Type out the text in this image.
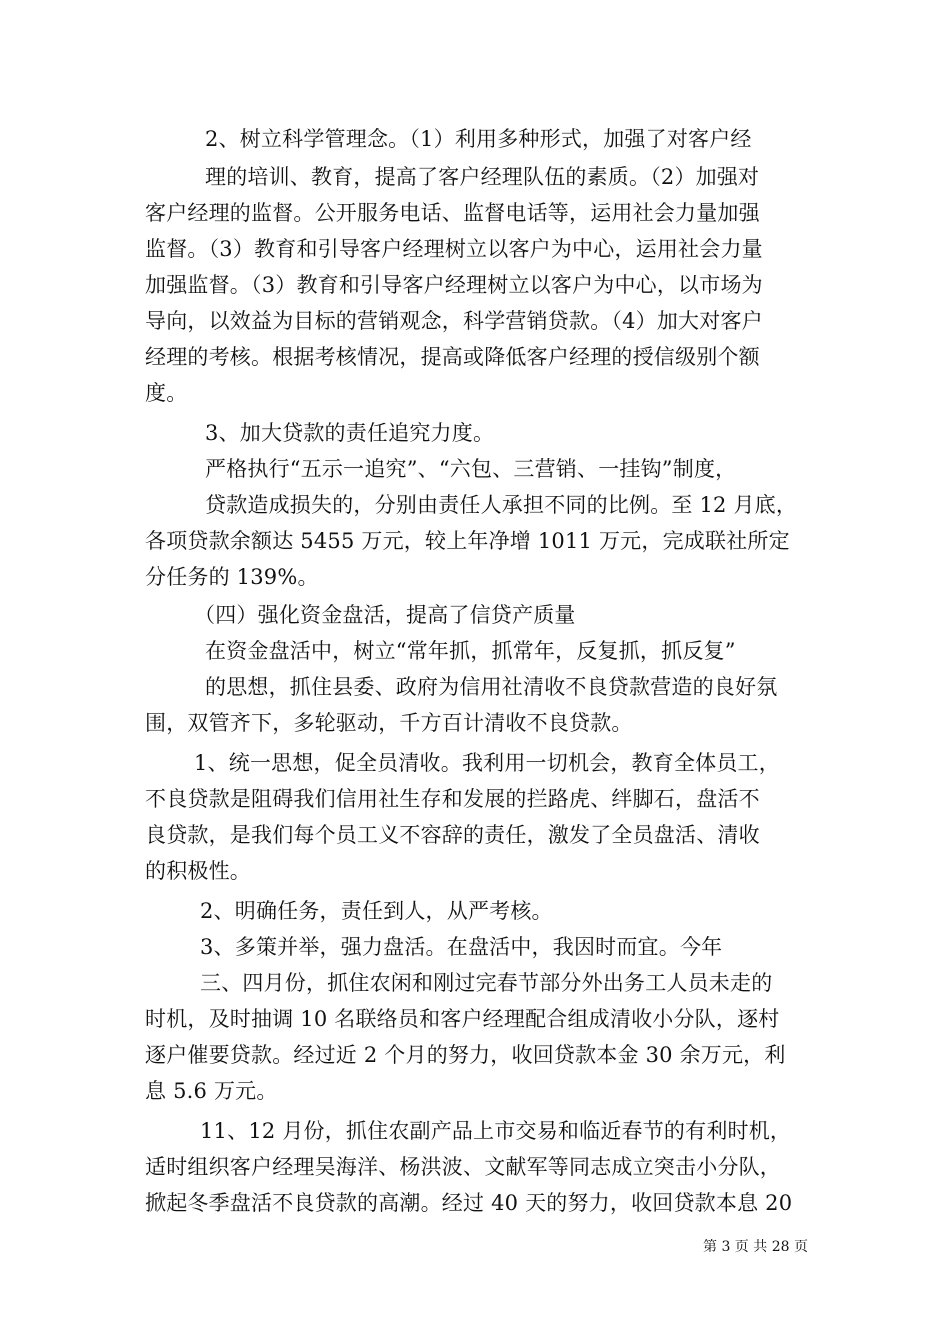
2、树立科学管理念。（1）利用多种形式，加强了对客户经
理的培训、教育，提高了客户经理队伍的素质。（2）加强对
客户经理的监督。公开服务电话、监督电话等，运用社会力量加强
监督。（3）教育和引导客户经理树立以客户为中心，运用社会力量
加强监督。（3）教育和引导客户经理树立以客户为中心，以市场为
导向，以效益为目标的营销观念，科学营销贷款。（4）加大对客户
经理的考核。根据考核情况，提高或降低客户经理的授信级别个额
度。
3、加大贷款的责任追究力度。
严格执行“五示一追究”、“六包、三营销、一挂钩”制度，
贷款造成损失的，分别由责任人承担不同的比例。至 12 月底，
各项贷款余额达 5455 万元，较上年净增 1011 万元，完成联社所定
分任务的 139%。
（四）强化资金盘活，提高了信贷产质量
在资金盘活中，树立“常年抓，抓常年，反复抓，抓反复”
的思想，抓住县委、政府为信用社清收不良贷款营造的良好氛
围，双管齐下，多轮驱动，千方百计清收不良贷款。
1、统一思想，促全员清收。我利用一切机会，教育全体员工，
不良贷款是阻碍我们信用社生存和发展的拦路虎、绊脚石，盘活不
良贷款，是我们每个员工义不容辞的责任，激发了全员盘活、清收
的积极性。
2、明确任务，责任到人，从严考核。
3、多策并举，强力盘活。在盘活中，我因时而宜。今年
三、四月份，抓住农闲和刚过完春节部分外出务工人员未走的
时机，及时抽调 10 名联络员和客户经理配合组成清收小分队，逐村
逐户催要贷款。经过近 2 个月的努力，收回贷款本金 30 余万元，利
息 5.6 万元。
11、12 月份，抓住农副产品上市交易和临近春节的有利时机，
适时组织客户经理吴海洋、杨洪波、文献军等同志成立突击小分队，
掀起冬季盘活不良贷款的高潮。经过 40 天的努力，收回贷款本息 20
第 3 页 共 28 页
